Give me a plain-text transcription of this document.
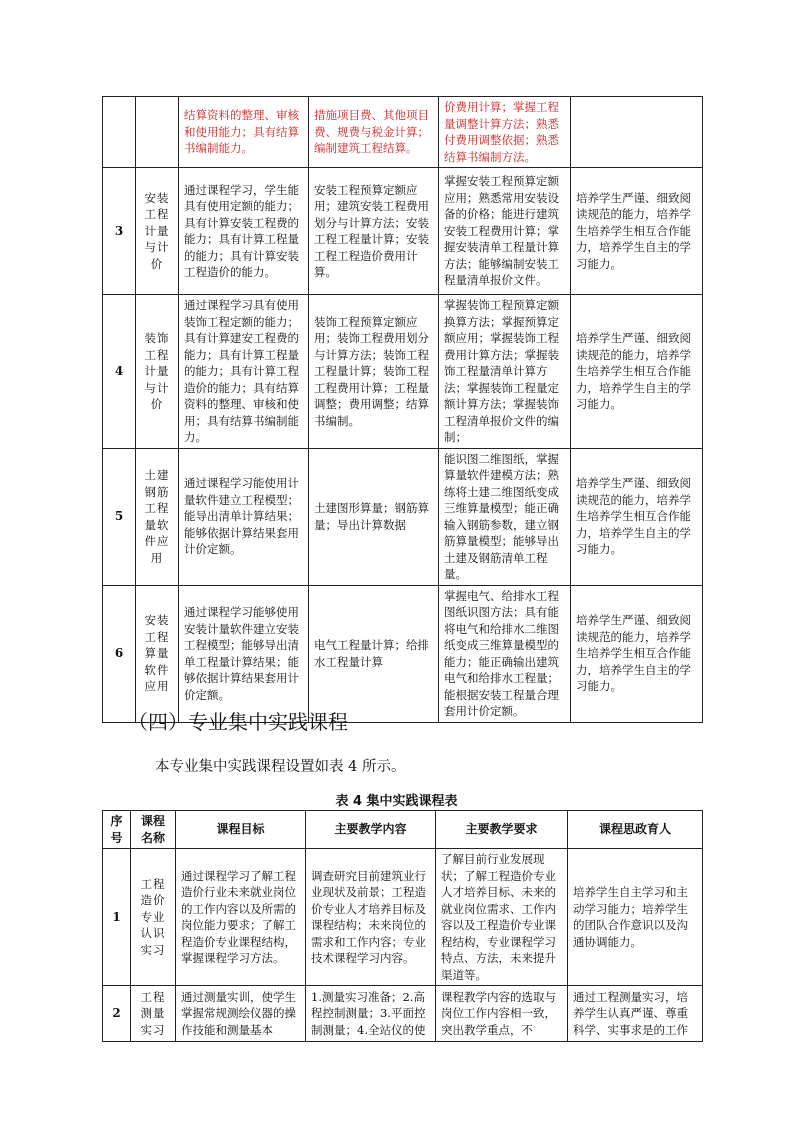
		结算资料的整理、审核和使用能力；具有结算书编制能力。	措施项目费、其他项目费、规费与税金计算；编制建筑工程结算。	价费用计算；掌握工程量调整计算方法；熟悉付费用调整依据；熟悉结算书编制方法。	
3	安装工程计量与计价	通过课程学习，学生能具有使用定额的能力；具有计算安装工程费的能力；具有计算工程量的能力；具有计算安装工程造价的能力。	安装工程预算定额应用；建筑安装工程费用划分与计算方法；安装工程工程量计算；安装工程工程造价费用计算。	掌握安装工程预算定额应用；熟悉常用安装设备的价格；能进行建筑安装工程费用计算；掌握安装清单工程量计算方法；能够编制安装工程量清单报价文件。	培养学生严谨、细致阅读规范的能力，培养学生培养学生相互合作能力，培养学生自主的学习能力。
4	装饰工程计量与计价	通过课程学习具有使用装饰工程定额的能力；具有计算建安工程费的能力；具有计算工程量的能力；具有计算工程造价的能力；具有结算资料的整理、审核和使用；具有结算书编制能力。	装饰工程预算定额应用；装饰工程费用划分与计算方法；装饰工程工程量计算；装饰工程工程费用计算；工程量调整；费用调整；结算书编制。	掌握装饰工程预算定额换算方法；掌握预算定额应用；掌握装饰工程费用计算方法；掌握装饰工程量清单计算方法；掌握装饰工程量定额计算方法；掌握装饰工程清单报价文件的编制；	培养学生严谨、细致阅读规范的能力，培养学生培养学生相互合作能力，培养学生自主的学习能力。
5	土建钢筋工程量软件应用	通过课程学习能使用计量软件建立工程模型；能导出清单计算结果；能够依据计算结果套用计价定额。	土建图形算量；钢筋算量；导出计算数据	能识图二维图纸，掌握算量软件建模方法；熟练将土建二维图纸变成三维算量模型；能正确输入钢筋参数，建立钢筋算量模型；能够导出土建及钢筋清单工程量。	培养学生严谨、细致阅读规范的能力，培养学生培养学生相互合作能力，培养学生自主的学习能力。
6	安装工程算量软件应用	通过课程学习能够使用安装计量软件建立安装工程模型；能够导出清单工程量计算结果；能够依据计算结果套用计价定额。	电气工程量计算；给排水工程量计算	掌握电气、给排水工程图纸识图方法；具有能将电气和给排水二维图纸变成三维算量模型的能力；能正确输出建筑电气和给排水工程量；能根据安装工程量合理套用计价定额。	培养学生严谨、细致阅读规范的能力，培养学生培养学生相互合作能力，培养学生自主的学习能力。
（四）专业集中实践课程
本专业集中实践课程设置如表 4 所示。
表 4 集中实践课程表
序号	课程名称	课程目标	主要教学内容	主要教学要求	课程思政育人
1	工程造价专业认识实习	通过课程学习了解工程造价行业未来就业岗位的工作内容以及所需的岗位能力要求；了解工程造价专业课程结构，掌握课程学习方法。	调查研究目前建筑业行业现状及前景；工程造价专业人才培养目标及课程结构；未来岗位的需求和工作内容；专业技术课程学习内容。	了解目前行业发展现状；了解工程造价专业人才培养目标、未来的就业岗位需求、工作内容以及工程造价专业课程结构，专业课程学习特点、方法，未来提升渠道等。	培养学生自主学习和主动学习能力；培养学生的团队合作意识以及沟通协调能力。
2	工程测量实习	通过测量实训，使学生掌握常规测绘仪器的操作技能和测量基本	1.测量实习准备；2.高程控制测量；3.平面控制测量；4.全站仪的使	课程教学内容的选取与岗位工作内容相一致，突出教学重点，不	通过工程测量实习，培养学生认真严谨、尊重科学、实事求是的工作
